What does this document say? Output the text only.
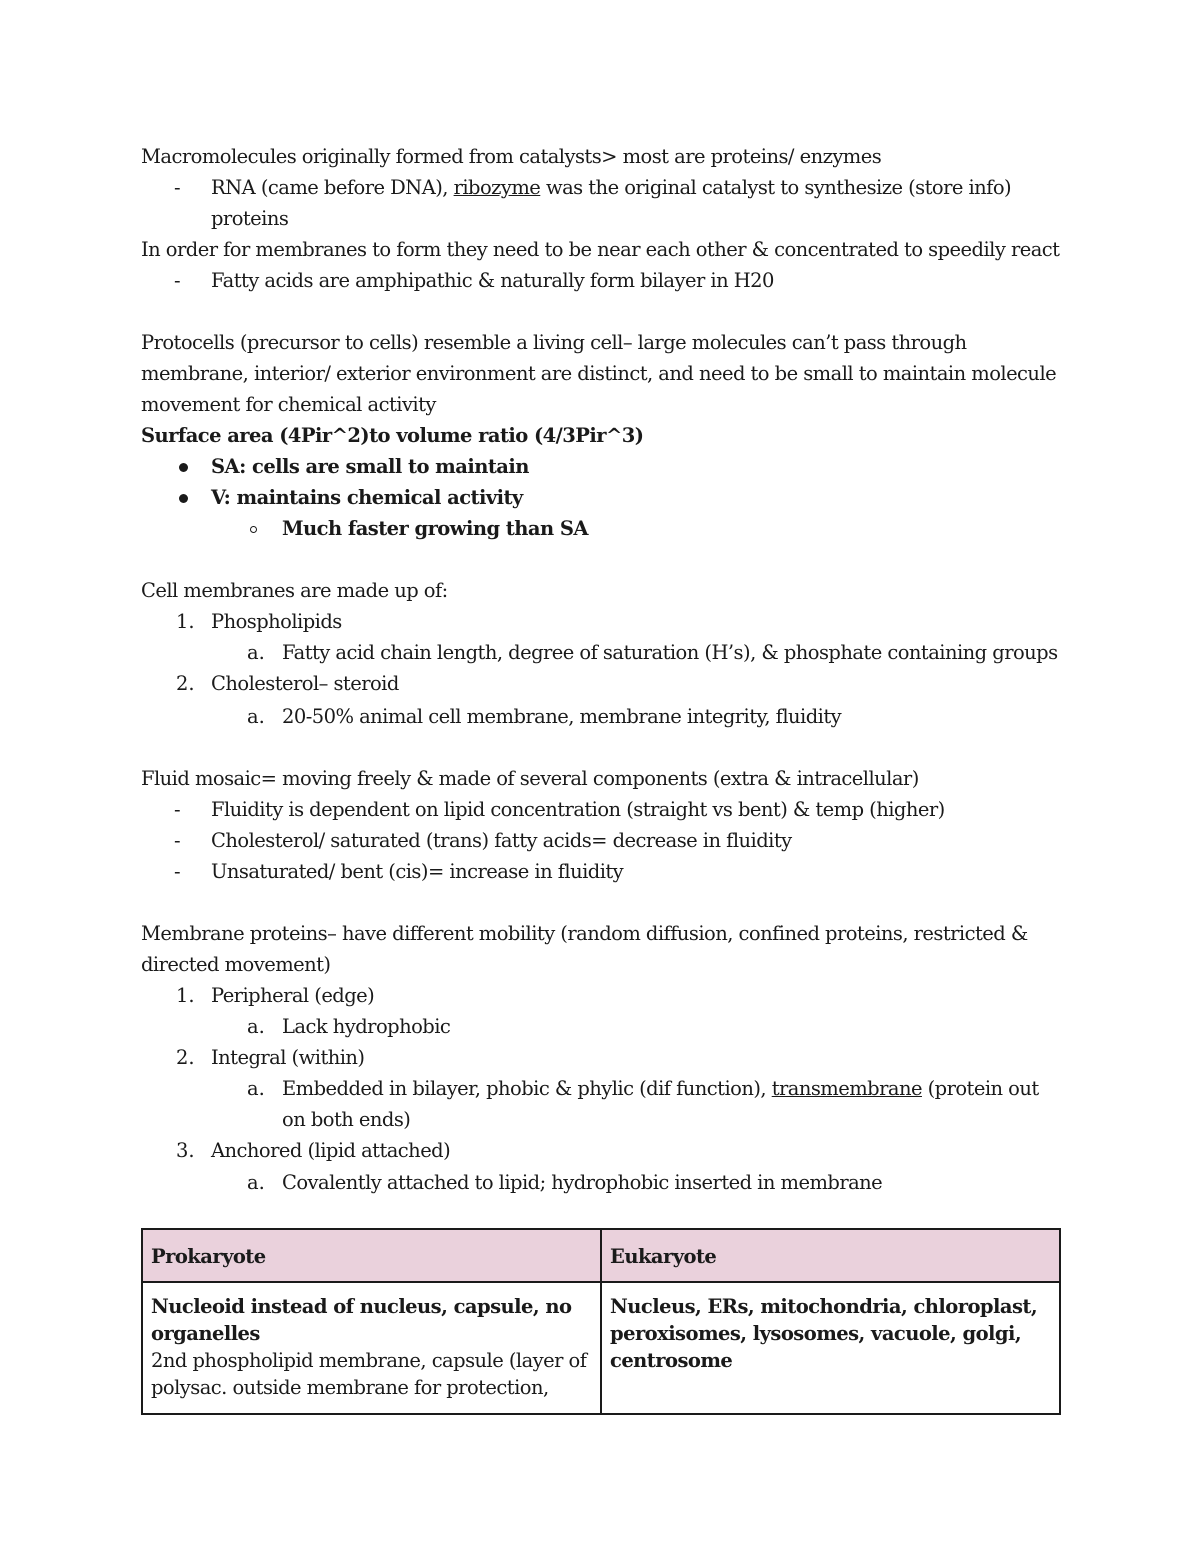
Macromolecules originally formed from catalysts> most are proteins/ enzymes
- RNA (came before DNA), ribozyme was the original catalyst to synthesize (store info)
proteins
In order for membranes to form they need to be near each other & concentrated to speedily react
- Fatty acids are amphipathic & naturally form bilayer in H20
Protocells (precursor to cells) resemble a living cell– large molecules can’t pass through
membrane, interior/ exterior environment are distinct, and need to be small to maintain molecule
movement for chemical activity
Surface area (4Pir^2)to volume ratio (4/3Pir^3)
SA: cells are small to maintain
V: maintains chemical activity
Much faster growing than SA
Cell membranes are made up of:
1. Phospholipids
a. Fatty acid chain length, degree of saturation (H’s), & phosphate containing groups
2. Cholesterol– steroid
a. 20-50% animal cell membrane, membrane integrity, fluidity
Fluid mosaic= moving freely & made of several components (extra & intracellular)
- Fluidity is dependent on lipid concentration (straight vs bent) & temp (higher)
- Cholesterol/ saturated (trans) fatty acids= decrease in fluidity
- Unsaturated/ bent (cis)= increase in fluidity
Membrane proteins– have different mobility (random diffusion, confined proteins, restricted &
directed movement)
1. Peripheral (edge)
a. Lack hydrophobic
2. Integral (within)
a. Embedded in bilayer, phobic & phylic (dif function), transmembrane (protein out
on both ends)
3. Anchored (lipid attached)
a. Covalently attached to lipid; hydrophobic inserted in membrane
Prokaryote	Eukaryote

Nucleoid instead of nucleus, capsule, no organelles
2nd phospholipid membrane, capsule (layer of polysac. outside membrane for protection,	Nucleus, ERs, mitochondria, chloroplast, peroxisomes, lysosomes, vacuole, golgi, centrosome
